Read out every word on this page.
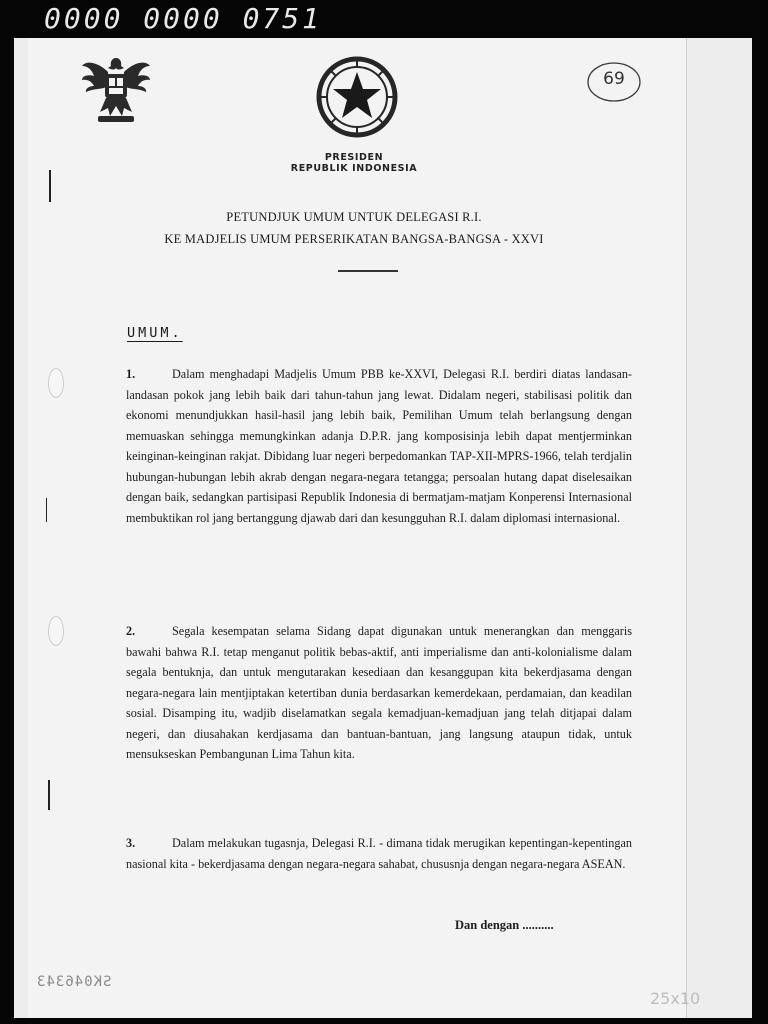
0000 0000 0751
69
PRESIDEN
REPUBLIK INDONESIA
PETUNDJUK UMUM UNTUK DELEGASI R.I.
KE MADJELIS UMUM PERSERIKATAN BANGSA-BANGSA - XXVI
UMUM.
1.	Dalam menghadapi Madjelis Umum PBB ke-XXVI, Delegasi R.I. berdiri diatas landasan-landasan pokok jang lebih baik dari tahun-tahun jang lewat. Didalam negeri, stabilisasi politik dan ekonomi menundjukkan hasil-hasil jang lebih baik, Pemilihan Umum telah berlangsung dengan memuaskan sehingga memungkinkan adanja D.P.R. jang komposisinja lebih dapat mentjerminkan keinginan-keinginan rakjat. Dibidang luar negeri berpedomankan TAP-XII-MPRS-1966, telah terdjalin hubungan-hubungan lebih akrab dengan negara-negara tetangga; persoalan hutang dapat diselesaikan dengan baik, sedangkan partisipasi Republik Indonesia di bermatjam-matjam Konperensi Internasional membuktikan rol jang bertanggung djawab dari dan kesungguhan R.I. dalam diplomasi internasional.
2.	Segala kesempatan selama Sidang dapat digunakan untuk menerangkan dan menggaris bawahi bahwa R.I. tetap menganut politik bebas-aktif, anti imperialisme dan anti-kolonialisme dalam segala bentuknja, dan untuk mengutarakan kesediaan dan kesanggupan kita bekerdjasama dengan negara-negara lain mentjiptakan ketertiban dunia berdasarkan kemerdekaan, perdamaian, dan keadilan sosial. Disamping itu, wadjib diselamatkan segala kemadjuan-kemadjuan jang telah ditjapai dalam negeri, dan diusahakan kerdjasama dan bantuan-bantuan, jang langsung ataupun tidak, untuk mensukseskan Pembangunan Lima Tahun kita.
3.	Dalam melakukan tugasnja, Delegasi R.I. - dimana tidak merugikan kepentingan-kepentingan nasional kita - bekerdjasama dengan negara-negara sahabat, chususnja dengan negara-negara ASEAN.
Dan dengan ..........
SK046343
25x10
